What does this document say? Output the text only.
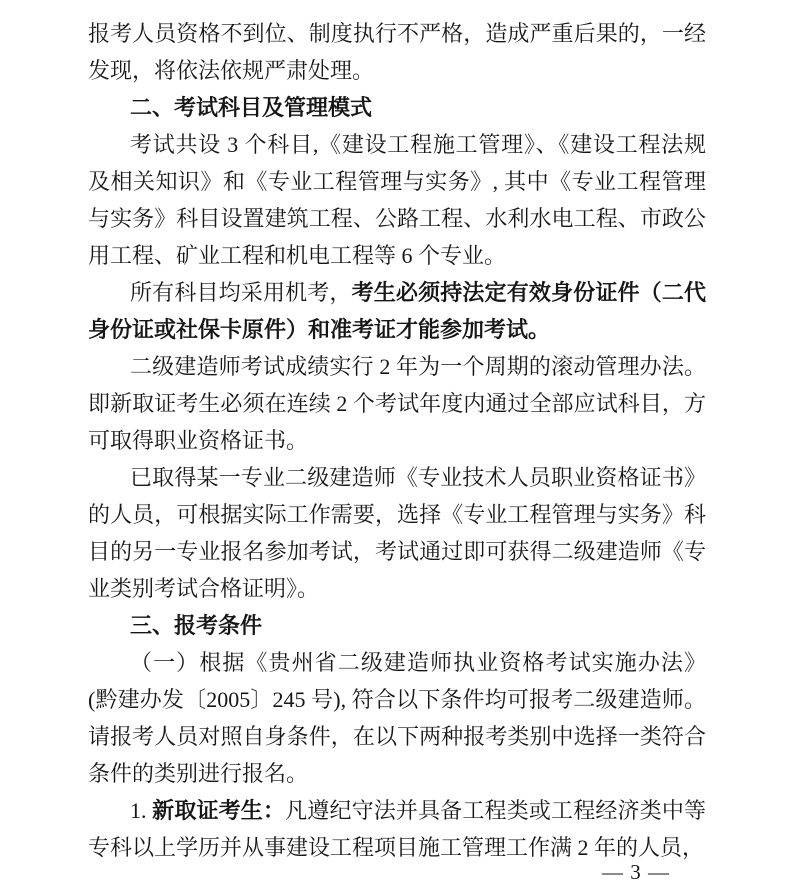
报考人员资格不到位、制度执行不严格，造成严重后果的，一经发现，将依法依规严肃处理。
二、考试科目及管理模式
考试共设 3 个科目,《建设工程施工管理》、《建设工程法规及相关知识》和《专业工程管理与实务》, 其中《专业工程管理与实务》科目设置建筑工程、公路工程、水利水电工程、市政公用工程、矿业工程和机电工程等 6 个专业。
所有科目均采用机考，考生必须持法定有效身份证件（二代身份证或社保卡原件）和准考证才能参加考试。
二级建造师考试成绩实行 2 年为一个周期的滚动管理办法。即新取证考生必须在连续 2 个考试年度内通过全部应试科目，方可取得职业资格证书。
已取得某一专业二级建造师《专业技术人员职业资格证书》的人员，可根据实际工作需要，选择《专业工程管理与实务》科目的另一专业报名参加考试，考试通过即可获得二级建造师《专业类别考试合格证明》。
三、报考条件
（一）根据《贵州省二级建造师执业资格考试实施办法》(黔建办发〔2005〕245 号), 符合以下条件均可报考二级建造师。请报考人员对照自身条件，在以下两种报考类别中选择一类符合条件的类别进行报名。
1. 新取证考生：凡遵纪守法并具备工程类或工程经济类中等专科以上学历并从事建设工程项目施工管理工作满 2 年的人员，
— 3 —
